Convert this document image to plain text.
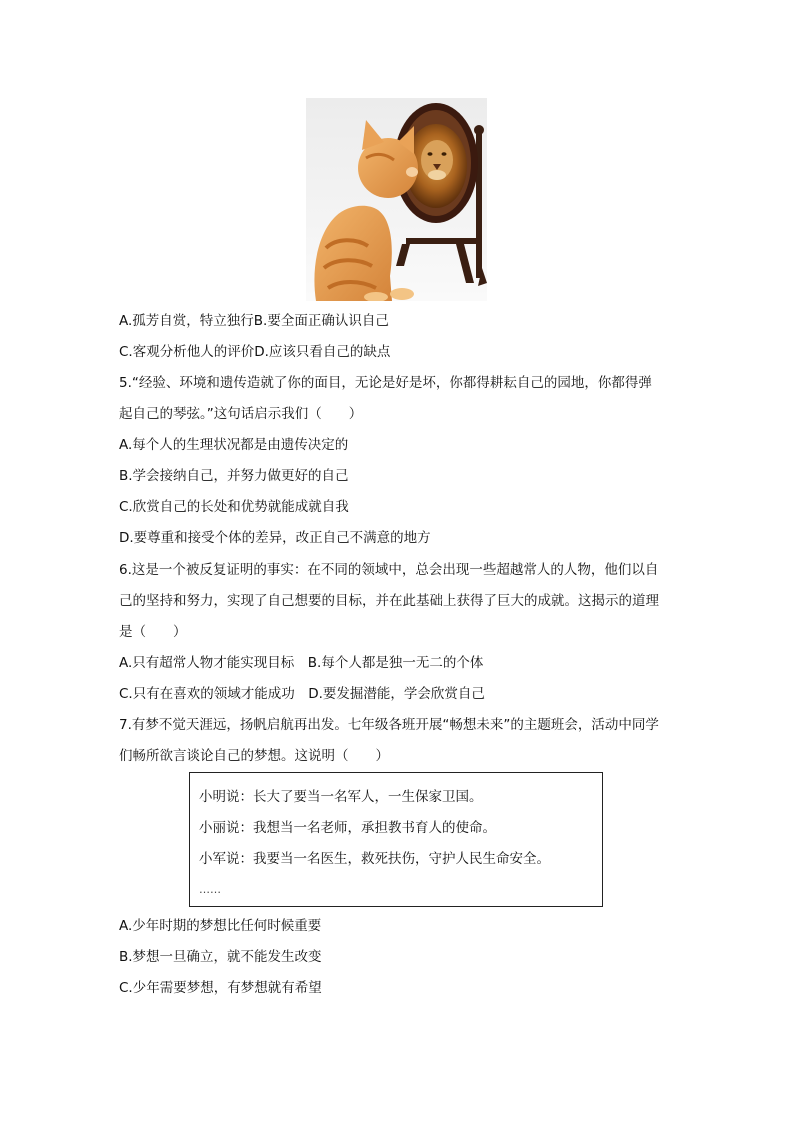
A.孤芳自赏，特立独行B.要全面正确认识自己
C.客观分析他人的评价D.应该只看自己的缺点
5.“经验、环境和遗传造就了你的面目，无论是好是坏，你都得耕耘自己的园地，你都得弹
起自己的琴弦。”这句话启示我们（　　）
A.每个人的生理状况都是由遗传决定的
B.学会接纳自己，并努力做更好的自己
C.欣赏自己的长处和优势就能成就自我
D.要尊重和接受个体的差异，改正自己不满意的地方
6.这是一个被反复证明的事实：在不同的领域中，总会出现一些超越常人的人物，他们以自
己的坚持和努力，实现了自己想要的目标，并在此基础上获得了巨大的成就。这揭示的道理
是（　　）
A.只有超常人物才能实现目标　B.每个人都是独一无二的个体
C.只有在喜欢的领域才能成功　D.要发掘潜能，学会欣赏自己
7.有梦不觉天涯远，扬帆启航再出发。七年级各班开展“畅想未来”的主题班会，活动中同学
们畅所欲言谈论自己的梦想。这说明（　　）
小明说：长大了要当一名军人，一生保家卫国。
小丽说：我想当一名老师，承担教书育人的使命。
小军说：我要当一名医生，救死扶伤，守护人民生命安全。
……
A.少年时期的梦想比任何时候重要
B.梦想一旦确立，就不能发生改变
C.少年需要梦想，有梦想就有希望
